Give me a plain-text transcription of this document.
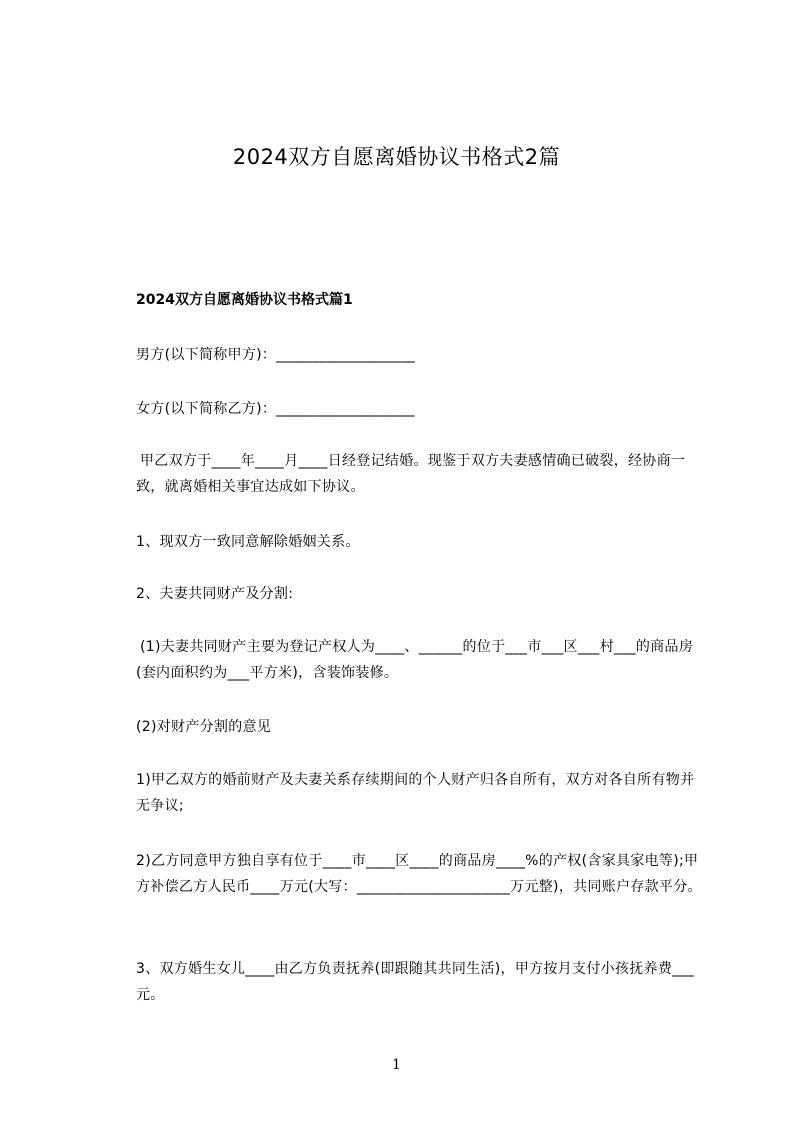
2024双方自愿离婚协议书格式2篇
2024双方自愿离婚协议书格式篇1

男方(以下简称甲方)：___________________

女方(以下简称乙方)：___________________

甲乙双方于____年____月____日经登记结婚。现鉴于双方夫妻感情确已破裂，经协商一致，就离婚相关事宜达成如下协议。

1、现双方一致同意解除婚姻关系。

2、夫妻共同财产及分割:

(1)夫妻共同财产主要为登记产权人为____、______的位于___市___区___村___的商品房(套内面积约为___平方米)，含装饰装修。

(2)对财产分割的意见

1)甲乙双方的婚前财产及夫妻关系存续期间的个人财产归各自所有，双方对各自所有物并无争议;

2)乙方同意甲方独自享有位于____市____区____的商品房____%的产权(含家具家电等);甲方补偿乙方人民币____万元(大写：_____________________万元整)，共同账户存款平分。

3、双方婚生女儿____由乙方负责抚养(即跟随其共同生活)，甲方按月支付小孩抚养费___元。

1
